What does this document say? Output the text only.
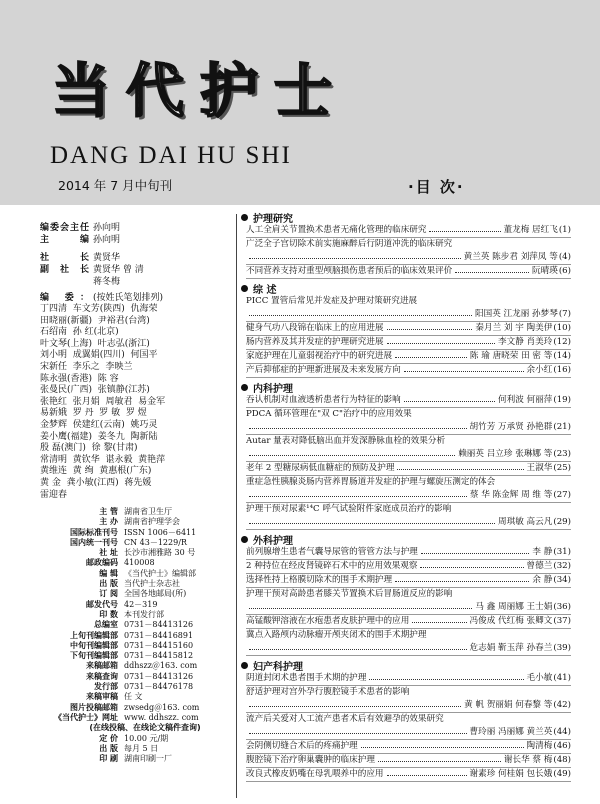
当代护士
DANG DAI HU SHI
2014 年 7 月中旬刊	·目 次·
编委会主任 孙向明
主 编 孙向明
社 长 黄贤华
副社长 黄贤华 曾 清
蒋冬梅
编 委： (按姓氏笔划排列)
丁四清  车文芳(陕西)  仇海荣
田晓丽(新疆)  尹裕君(台湾)
石绍南  孙 红(北京)
叶文琴(上海)  叶志弘(浙江)
刘小明  成翼娟(四川)  何国平
宋新任  李乐之  李映兰
陈永强(香港)  陈 容
张曼民(广西)  张镇静(江苏)
张艳红  张月娟  周敏君  易金军
易新娥  罗 丹  罗 敏  罗 煜
金梦辉  侯建红(云南)  姚巧灵
姜小鹰(福建)  姜冬九  陶新陆
殷 磊(澳门)  徐 黎(甘肃)
常清明  黄钦华  谌永毅  黄艳萍
黄维连  黄 绚  黄惠根(广东)
黄 金  龚小敏(江西)  蒋先媛
雷迎春
主 管 湖南省卫生厅
主 办 湖南省护理学会
国际标准刊号 ISSN 1006－6411
国内统一刊号 CN 43－1229/R
社 址 长沙市湘雅路 30 号
邮政编码 410008
编 辑 《当代护士》编辑部
出 版 当代护士杂志社
订 阅 全国各地邮局(所)
邮发代号 42－319
印 数 本刊发行部
总编室 0731－84413126
上旬刊编辑部 0731－84416891
中旬刊编辑部 0731－84415160
下旬刊编辑部 0731－84415812
来稿邮箱 ddhszz＠163. com
来稿查询 0731－84413126
发行部 0731－84476178
来稿审稿 任 文
图片投稿邮箱 zwsedg＠163. com
《当代护士》网址 www. ddhszz. com
(在线投稿、在线论文稿件查询)
定 价 10.00 元/期
出 版 每月 5 日
印 刷 湖南印刷一厂
护理研究
人工全肩关节置换术患者无痛化管理的临床研究	董龙梅 居红飞 (1)
广泛全子宫切除术前实施麻醉后行阴道冲洗的临床研究
黄兰英 陈步君 刘萍凤 等 (4)
不同营养支持对重型颅脑损伤患者预后的临床效果评价	阮晴瑛 (6)
综 述
PICC 置管后常见并发症及护理对策研究进展
阳国英 江龙丽 孙梦琴 (7)
健身气功八段锦在临床上的应用进展	秦月兰 刘 宇 陶美伊 (10)
肠内营养及其并发症的护理研究进展	李文静 肖美玲 (12)
家庭护理在儿童弱视治疗中的研究进展	陈 瑜 唐晓荣 田 密 等 (14)
产后抑郁症的护理新进展及未来发展方向	余小红 (16)
内科护理
吞认机制对血液透析患者行为特征的影响	何利波 何丽萍 (19)
PDCA 循环管理在"双 C"治疗中的应用效果
胡竹芳 万承贤 孙艳群 (21)
Autar 量表对降低脑出血并发深静脉血栓的效果分析
赖丽英 吕立珍 张琳娜 等 (23)
老年 2 型糖尿病低血糖症的预防及护理	王淑华 (25)
重症急性胰腺炎肠内营养胃肠道并发症的护理与螺旋压测定的体会
蔡 华 陈金辉 周 维 等 (27)
护理干预对尿素¹⁴C 呼气试验附件家庭成员治疗的影响
周琪敏 高云凡 (29)
外科护理
前列腺增生患者气囊导尿管的管管方法与护理	李 静 (31)
2 种持位在经皮肾镜碎石术中的应用效果观察	曾德兰 (32)
选择性持上格膜切除术的围手术期护理	余 静 (34)
护理干预对高龄患者膝关节置换术后冒肠道反应的影响
马 鑫 周丽娜 王士娟 (36)
高锰酸钾溶液在水疱患者皮肤护理中的应用	冯俊成 代红梅 张卿文 (37)
冀点入路颅内动脉瘤开颅夹闭术的围手术期护理
危志娟 靳玉萍 孙春兰 (39)
妇产科护理
阴道封闭术患者围手术期的护理	毛小敏 (41)
舒适护理对宫外孕行腹腔镜手术患者的影响
黄 帆 贺丽娟 何春黎 等 (42)
流产后关爱对人工流产患者术后有效避孕的效果研究
曹玲丽 冯丽娜 黄兰英 (44)
会阴侧切缝合术后的疼痛护理	陶清梅 (46)
腹腔镜下治疗卵巢囊肿的临床护理	谢长华 蔡 梅 (48)
改良式橡皮奶嘴在母乳喂养中的应用	谢素珍 何桂娟 包长娥 (49)
